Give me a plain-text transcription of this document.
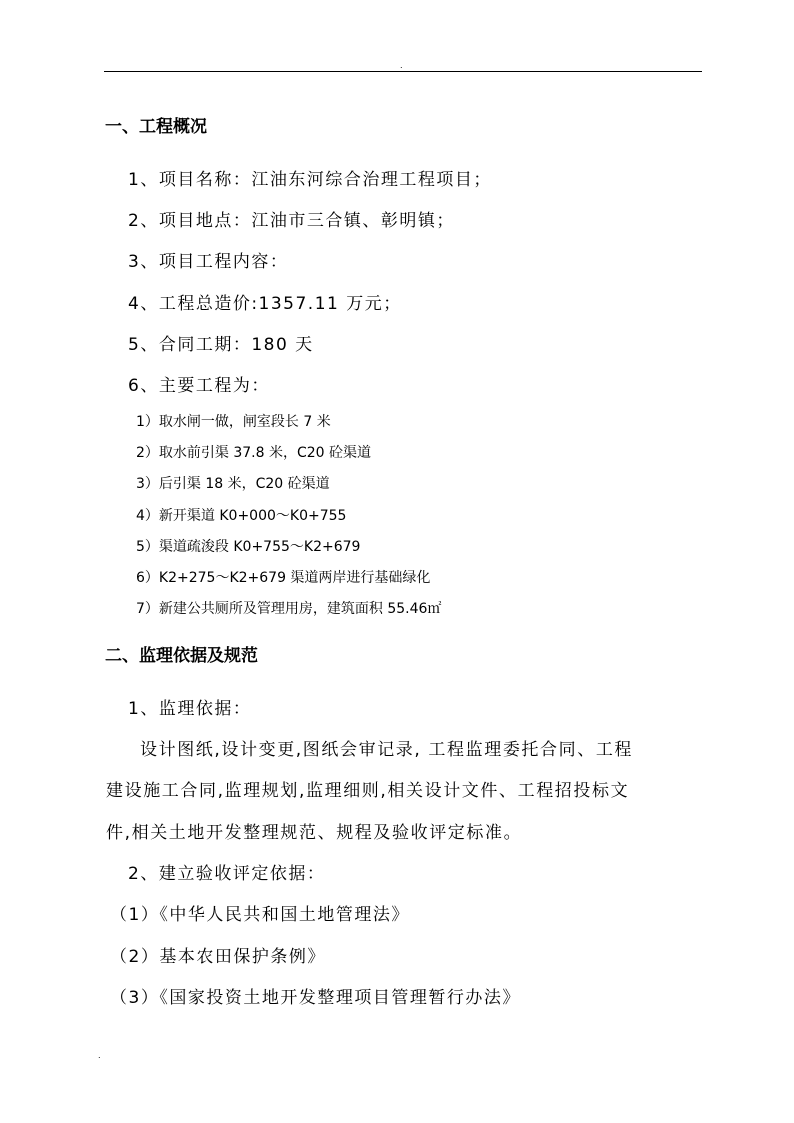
.
一、工程概况
1、项目名称：江油东河综合治理工程项目；
2、项目地点：江油市三合镇、彰明镇；
3、项目工程内容：
4、工程总造价:1357.11 万元；
5、合同工期：180 天
6、主要工程为：
1）取水闸一做，闸室段长 7 米
2）取水前引渠 37.8 米，C20 砼渠道
3）后引渠 18 米，C20 砼渠道
4）新开渠道 K0+000～K0+755
5）渠道疏浚段 K0+755～K2+679
6）K2+275～K2+679 渠道两岸进行基础绿化
7）新建公共厕所及管理用房，建筑面积 55.46㎡
二、监理依据及规范
1、监理依据：
设计图纸,设计变更,图纸会审记录, 工程监理委托合同、工程
建设施工合同,监理规划,监理细则,相关设计文件、工程招投标文
件,相关土地开发整理规范、规程及验收评定标准。
2、建立验收评定依据：
（1）《中华人民共和国土地管理法》
（2）基本农田保护条例》
（3）《国家投资土地开发整理项目管理暂行办法》
.
